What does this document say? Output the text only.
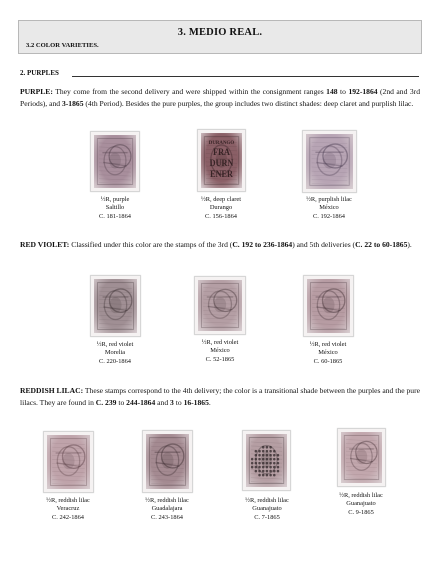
3. MEDIO REAL.
3.2 COLOR VARIETIES.
2. PURPLES

PURPLE: They come from the second delivery and were shipped within the consignment ranges 148 to 192-1864 (2nd and 3rd Periods), and 3-1865 (4th Period). Besides the pure purples, the group includes two distinct shades: deep claret and purplish lilac.

RED VIOLET: Classified under this color are the stamps of the 3rd (C. 192 to 236-1864) and 5th deliveries (C. 22 to 60-1865).

REDDISH LILAC: These stamps correspond to the 4th delivery; the color is a transitional shade between the purples and the pure lilacs. They are found in C. 239 to 244-1864 and 3 to 16-1865.

DURANGO
FRA
DURN
ENER
½R, purple
Saltillo
C. 181-1864
½R, deep claret
Durango
C. 156-1864
½R, purplish lilac
México
C. 192-1864
½R, red violet
Morelia
C. 220-1864
½R, red violet
México
C. 52-1865
½R, red violet
México
C. 60-1865
½R, reddish lilac
Veracruz
C. 242-1864
½R, reddish lilac
Guadalajara
C. 243-1864
½R, reddish lilac
Guanajuato
C. 7-1865
½R, reddish lilac
Guanajuato
C. 9-1865
